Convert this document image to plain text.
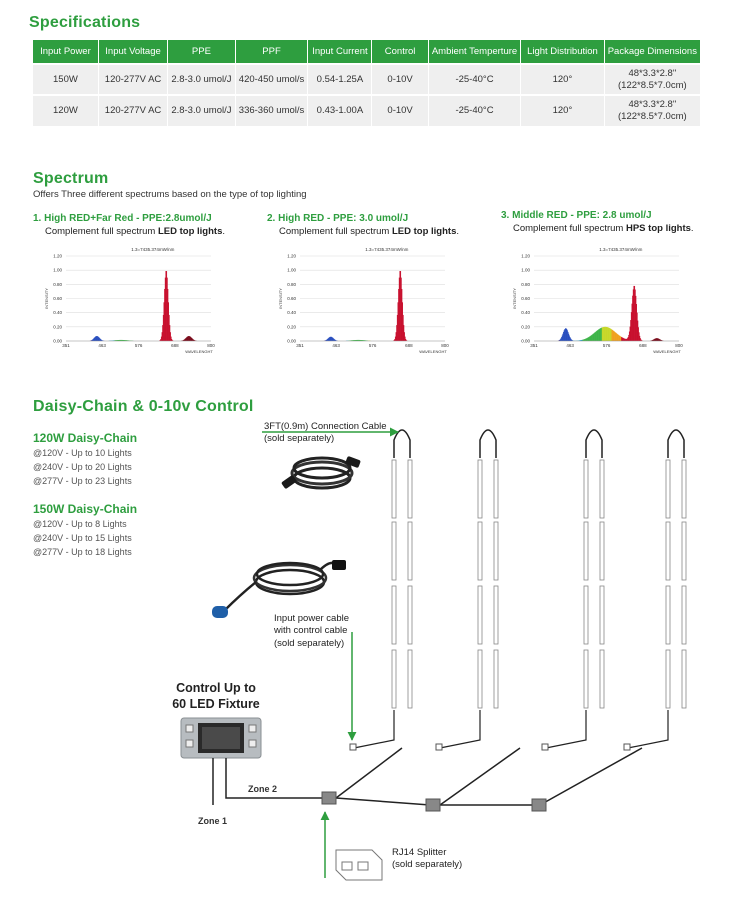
Specifications
Input Power	Input Voltage	PPE	PPF	Input Current	Control	Ambient Temperture	Light Distribution	Package Dimensions
150W	120-277V AC	2.8-3.0 umol/J	420-450 umol/s	0.54-1.25A	0-10V	-25-40°C	120°	48*3.3*2.8"
(122*8.5*7.0cm)
120W	120-277V AC	2.8-3.0 umol/J	336-360 umol/s	0.43-1.00A	0-10V	-25-40°C	120°	48*3.3*2.8"
(122*8.5*7.0cm)
Spectrum
Offers Three different spectrums based on the type of top lighting
1. High RED+Far Red - PPE:2.8umol/J
Complement full spectrum LED top lights.
2. High RED - PPE: 3.0 umol/J
Complement full spectrum LED top lights.
3. Middle RED - PPE: 2.8 umol/J
Complement full spectrum HPS top lights.
1.3=7435.374mW/nm
0.00
0.20
0.40
0.60
0.80
1.00
1.20
351	463	576	688	800
INTENSITY
WAVELENGHT
1.3=7435.374mW/nm
0.00
0.20
0.40
0.60
0.80
1.00
1.20
351	463	576	688	800
INTENSITY
WAVELENGHT
1.3=7435.374mW/nm
0.00
0.20
0.40
0.60
0.80
1.00
1.20
351	463	576	688	800
INTENSITY
WAVELENGHT
Daisy-Chain & 0-10v Control
120W Daisy-Chain
@120V - Up to 10 Lights
@240V - Up to 20 Lights
@277V - Up to 23 Lights
150W Daisy-Chain
@120V - Up to 8 Lights
@240V - Up to 15 Lights
@277V - Up to 18 Lights
3FT(0.9m) Connection Cable
(sold separately)
Input power cable
with control cable
(sold separately)
Control Up to
60 LED Fixture
Zone 2
Zone 1
RJ14 Splitter
(sold separately)
